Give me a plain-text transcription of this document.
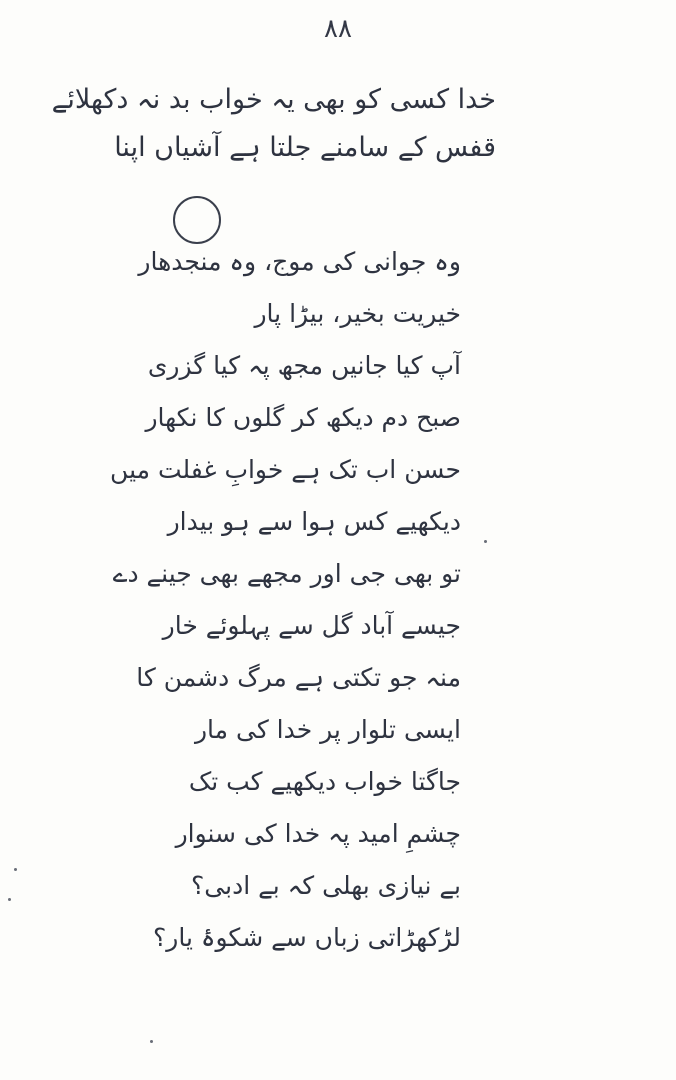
۸۸
خدا کسی کو بھی یہ خواب بد نہ دکھلائے
قفس کے سامنے جلتا ہے آشیاں اپنا
وہ جوانی کی موج، وہ منجدھار
خیریت بخیر، بیڑا پار
آپ کیا جانیں مجھ پہ کیا گزری
صبح دم دیکھ کر گلوں کا نکھار
حسن اب تک ہے خوابِ غفلت میں
دیکھیے کس ہوا سے ہو بیدار
تو بھی جی اور مجھے بھی جینے دے
جیسے آباد گل سے پہلوئے خار
منہ جو تکتی ہے مرگ دشمن کا
ایسی تلوار پر خدا کی مار
جاگتا خواب دیکھیے کب تک
چشمِ امید پہ خدا کی سنوار
بے نیازی بھلی کہ بے ادبی؟
لڑکھڑاتی زباں سے شکوۂ یار؟
